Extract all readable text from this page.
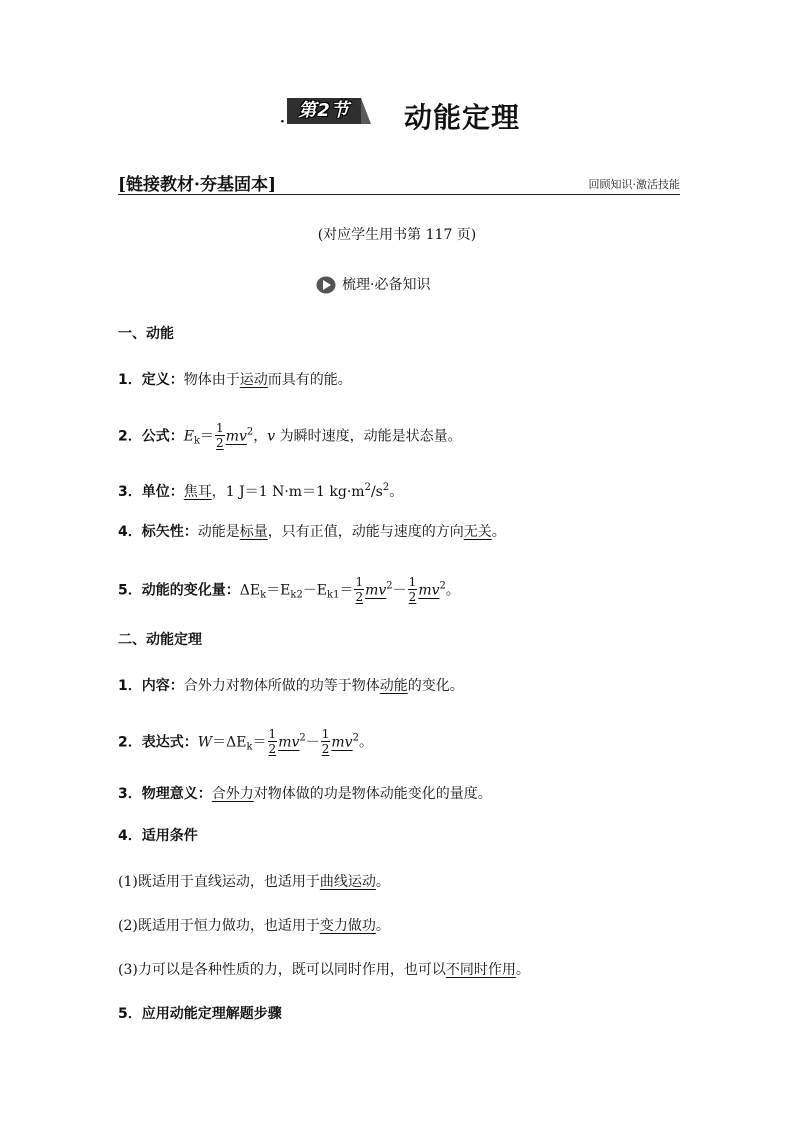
·
第2节	动能定理
[链接教材·夯基固本]	回顾知识·激活技能
(对应学生用书第 117 页)
梳理·必备知识
一、动能
1．定义：物体由于运动而具有的能。
2．公式：$E_k= \frac{1}{2} mv^2$，v 为瞬时速度，动能是状态量。
3．单位：焦耳，1 J＝1 N·m＝1 $kg\cdot m^2/s^2$。
4．标矢性：动能是标量，只有正值，动能与速度的方向无关。
5．动能的变化量：$\Delta E_k=E_{k2}-E_{k1}= \frac{1}{2} mv^2- \frac{1}{2} mv^2$。
二、动能定理
1．内容：合外力对物体所做的功等于物体动能的变化。
2．表达式：$W=\Delta E_k= \frac{1}{2} mv^2- \frac{1}{2} mv^2$。
3．物理意义：合外力对物体做的功是物体动能变化的量度。
4．适用条件
(1)既适用于直线运动，也适用于曲线运动。
(2)既适用于恒力做功，也适用于变力做功。
(3)力可以是各种性质的力，既可以同时作用，也可以不同时作用。
5．应用动能定理解题步骤
